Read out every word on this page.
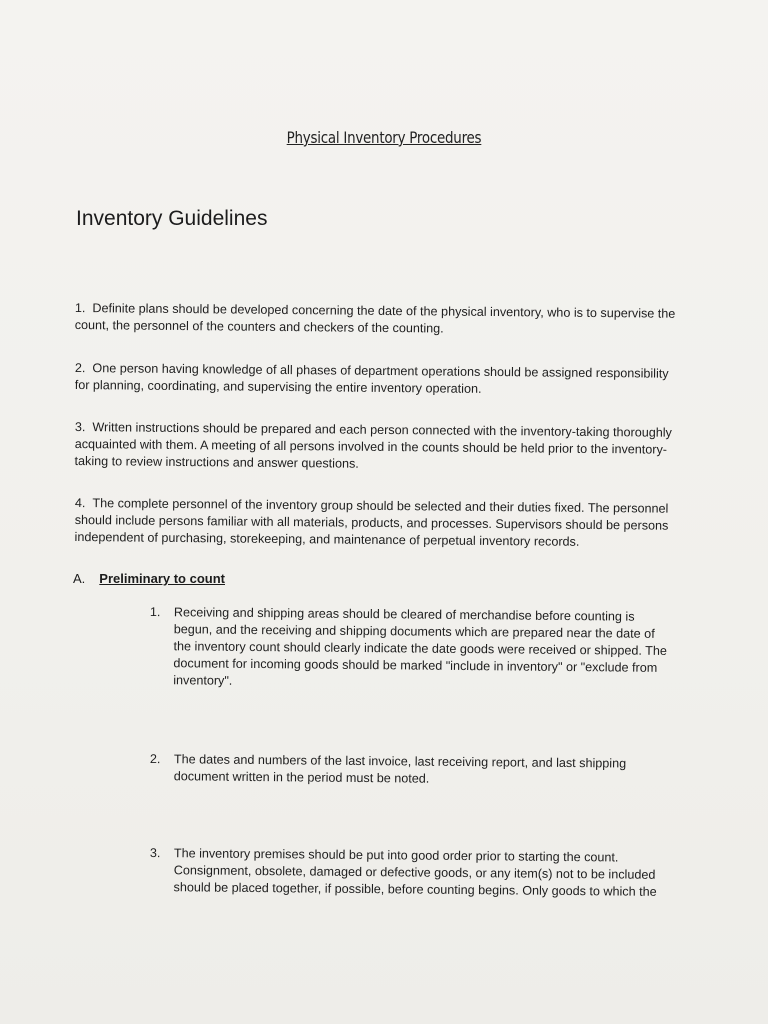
Physical Inventory Procedures
Inventory Guidelines
1. Definite plans should be developed concerning the date of the physical inventory, who is to supervise the count, the personnel of the counters and checkers of the counting.
2. One person having knowledge of all phases of department operations should be assigned responsibility for planning, coordinating, and supervising the entire inventory operation.
3. Written instructions should be prepared and each person connected with the inventory-taking thoroughly acquainted with them. A meeting of all persons involved in the counts should be held prior to the inventory-taking to review instructions and answer questions.
4. The complete personnel of the inventory group should be selected and their duties fixed. The personnel should include persons familiar with all materials, products, and processes. Supervisors should be persons independent of purchasing, storekeeping, and maintenance of perpetual inventory records.
A. Preliminary to count
1. Receiving and shipping areas should be cleared of merchandise before counting is begun, and the receiving and shipping documents which are prepared near the date of the inventory count should clearly indicate the date goods were received or shipped. The document for incoming goods should be marked "include in inventory" or "exclude from inventory".
2. The dates and numbers of the last invoice, last receiving report, and last shipping document written in the period must be noted.
3. The inventory premises should be put into good order prior to starting the count. Consignment, obsolete, damaged or defective goods, or any item(s) not to be included should be placed together, if possible, before counting begins. Only goods to which the
